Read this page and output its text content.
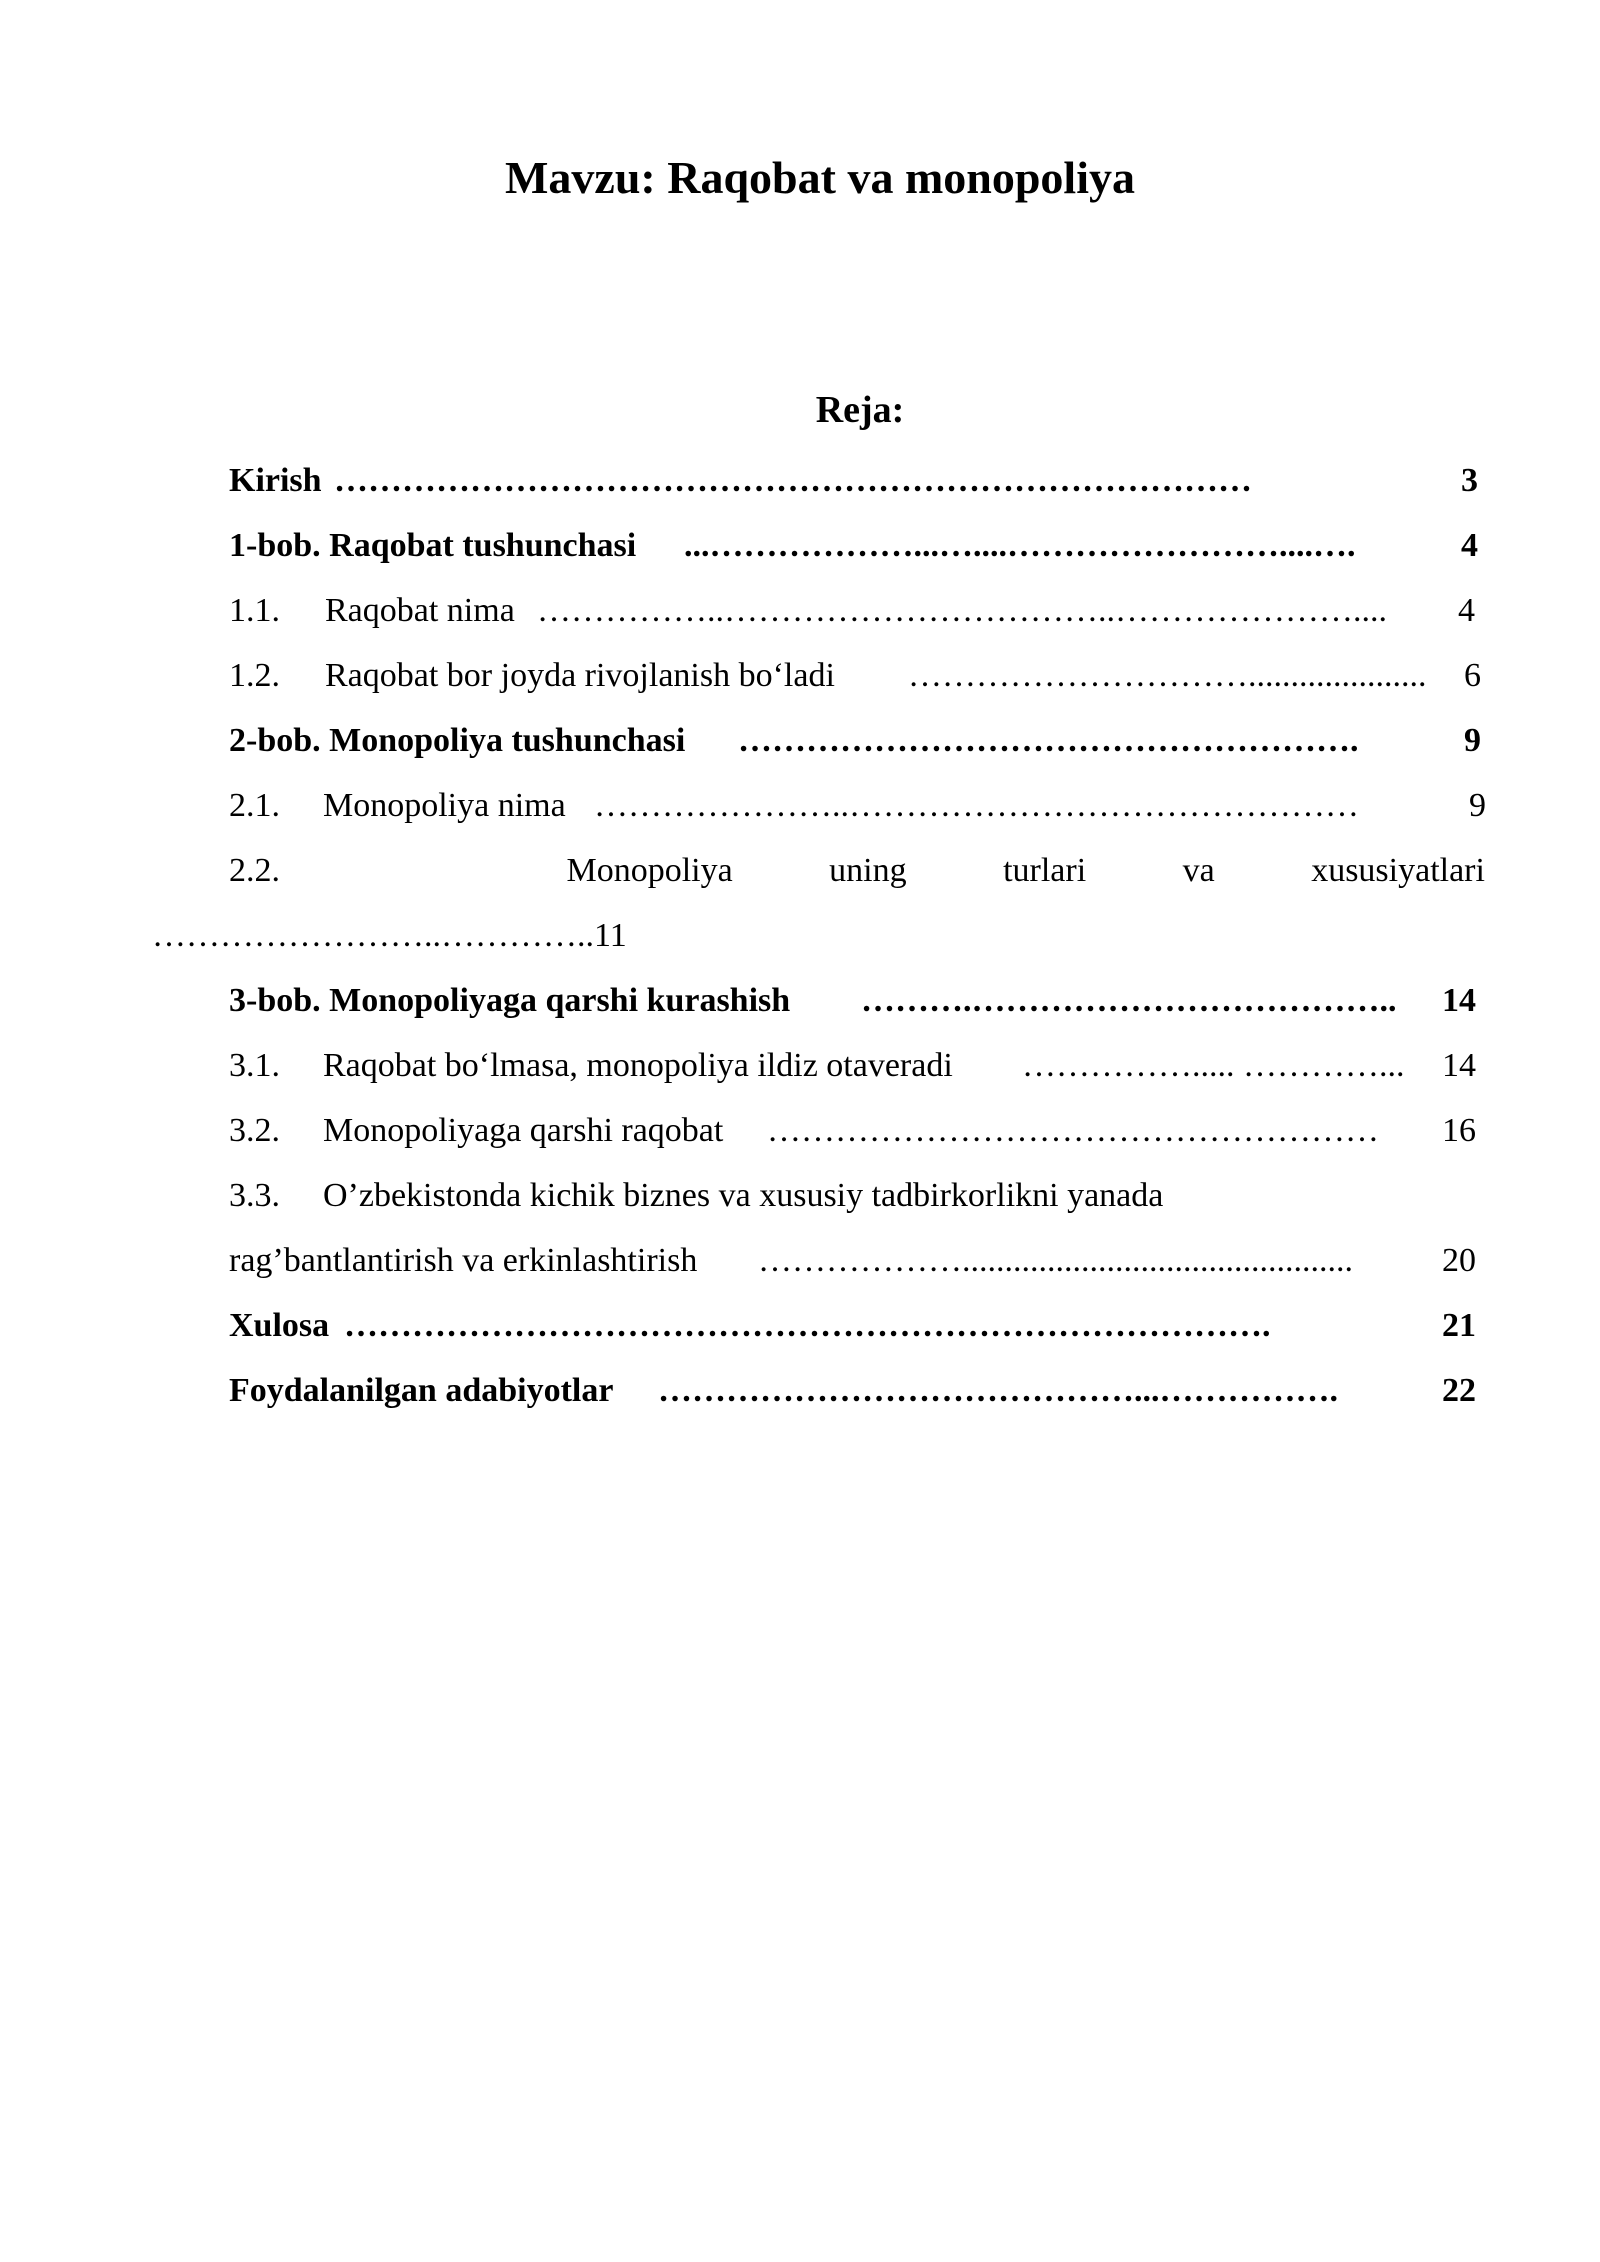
Mavzu: Raqobat va monopoliya
Reja:
Kirish ………………………………………………………………………	3
1-bob. Raqobat tushunchasi ...………………...…....……………………....….	4
1.1. Raqobat nima ……………..……………………………..…………………....	4
1.2. Raqobat bor joyda rivojlanish bo‘ladi ………………………….....................	6
2-bob. Monopoliya tushunchasi ……………………………………………….	9
2.1. Monopoliya nima …………………..………………………………………	9
2.2.	Monopoliya	uning	turlari	va	xususiyatlari
……………………..…………..11
3-bob. Monopoliyaga qarshi kurashish ……….………………………………..	14
3.1. Raqobat bo‘lmasa, monopoliya ildiz otaveradi ……………..... …………...	14
3.2. Monopoliyaga qarshi raqobat ………………………………………………	16
3.3. O’zbekistonda kichik biznes va xususiy tadbirkorlikni yanada
rag’bantlantirish va erkinlashtirish ………………..............................................	20
Xulosa ……………………………………………………………………….	21
Foydalanilgan adabiyotlar ……………………………………...…………….	22
